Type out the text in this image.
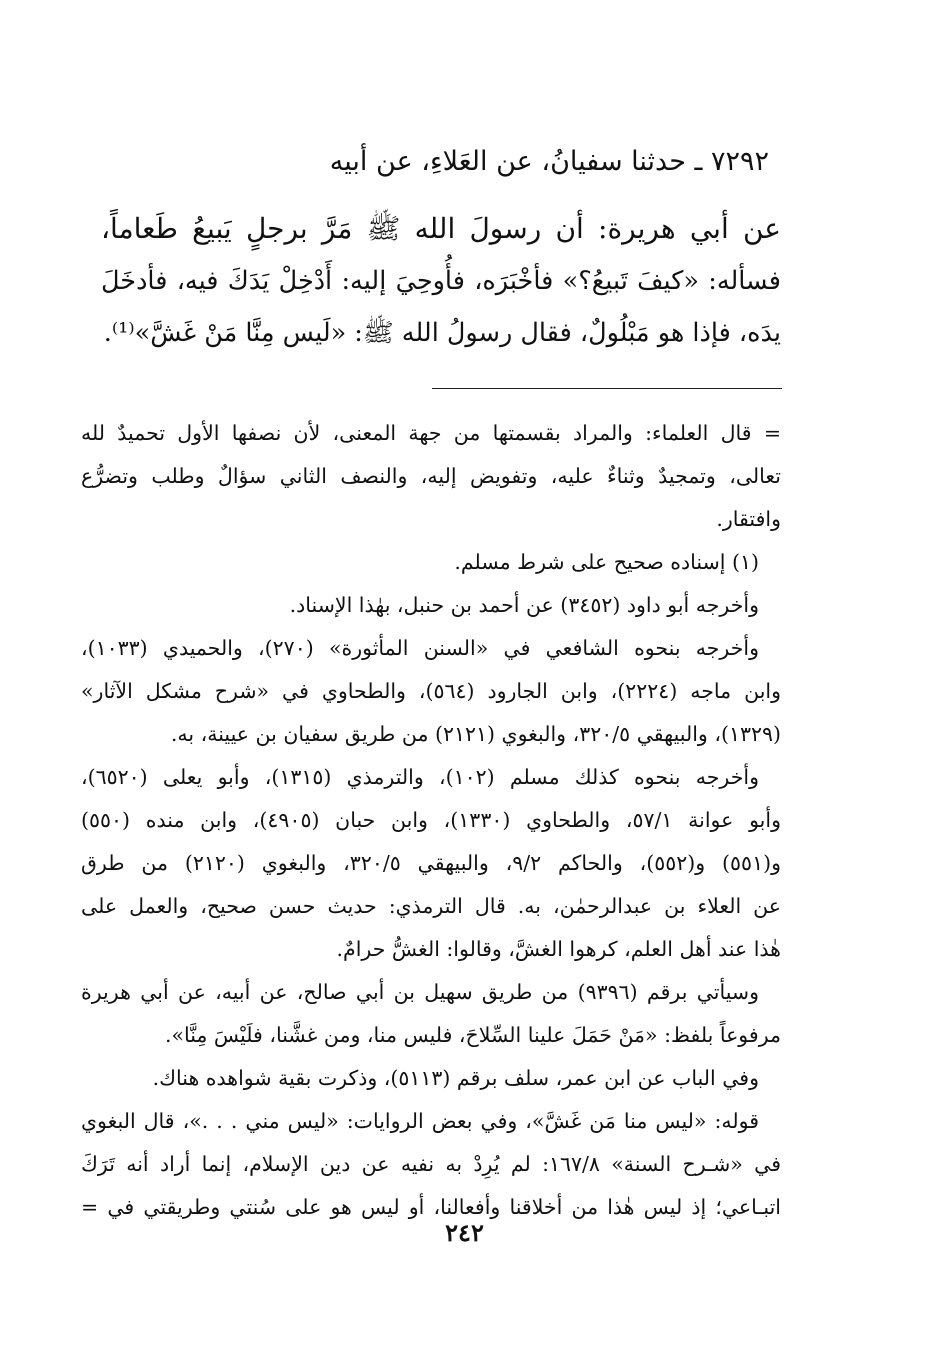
٧٢٩٢ ـ حدثنا سفيانُ، عن العَلاءِ، عن أبيه
عن أبي هريرة: أن رسولَ الله ﷺ مَرَّ برجلٍ يَبيعُ طَعاماً،
فسأله: «كيفَ تَبيعُ؟» فأخْبَرَه، فأُوحِيَ إليه: أَدْخِلْ يَدَكَ فيه، فأدخَلَ
يدَه، فإذا هو مَبْلُولٌ، فقال رسولُ الله ﷺ: «لَيس مِنَّا مَنْ غَشَّ»⁽¹⁾.
= قال العلماء: والمراد بقسمتها من جهة المعنى، لأن نصفها الأول تحميدٌ لله
تعالى، وتمجيدٌ وثناءٌ عليه، وتفويض إليه، والنصف الثاني سؤالٌ وطلب وتضرُّع
وافتقار.
(١) إسناده صحيح على شرط مسلم.
وأخرجه أبو داود (٣٤٥٢) عن أحمد بن حنبل، بهٰذا الإسناد.
وأخرجه بنحوه الشافعي في «السنن المأثورة» (٢٧٠)، والحميدي (١٠٣٣)،
وابن ماجه (٢٢٢٤)، وابن الجارود (٥٦٤)، والطحاوي في «شرح مشكل الآثار»
(١٣٢٩)، والبيهقي ٣٢٠/٥، والبغوي (٢١٢١) من طريق سفيان بن عيينة، به.
وأخرجه بنحوه كذلك مسلم (١٠٢)، والترمذي (١٣١٥)، وأبو يعلى (٦٥٢٠)،
وأبو عوانة ٥٧/١، والطحاوي (١٣٣٠)، وابن حبان (٤٩٠٥)، وابن منده (٥٥٠)
و(٥٥١) و(٥٥٢)، والحاكم ٩/٢، والبيهقي ٣٢٠/٥، والبغوي (٢١٢٠) من طرق
عن العلاء بن عبدالرحمٰن، به. قال الترمذي: حديث حسن صحيح، والعمل على
هٰذا عند أهل العلم، كرهوا الغشَّ، وقالوا: الغشُّ حرامٌ.
وسيأتي برقم (٩٣٩٦) من طريق سهيل بن أبي صالح، عن أبيه، عن أبي هريرة
مرفوعاً بلفظ: «مَنْ حَمَلَ علينا السِّلاحَ، فليس منا، ومن غشَّنا، فلَيْسَ مِنَّا».
وفي الباب عن ابن عمر، سلف برقم (٥١١٣)، وذكرت بقية شواهده هناك.
قوله: «ليس منا مَن غَشَّ»، وفي بعض الروايات: «ليس مني . . .»، قال البغوي
في «شـرح السنة» ١٦٧/٨: لم يُرِدْ به نفيه عن دين الإسلام، إنما أراد أنه تَرَكَ
اتبـاعي؛ إذ ليس هٰذا من أخلاقنا وأفعالنا، أو ليس هو على سُنتي وطريقتي في =
٢٤٢
